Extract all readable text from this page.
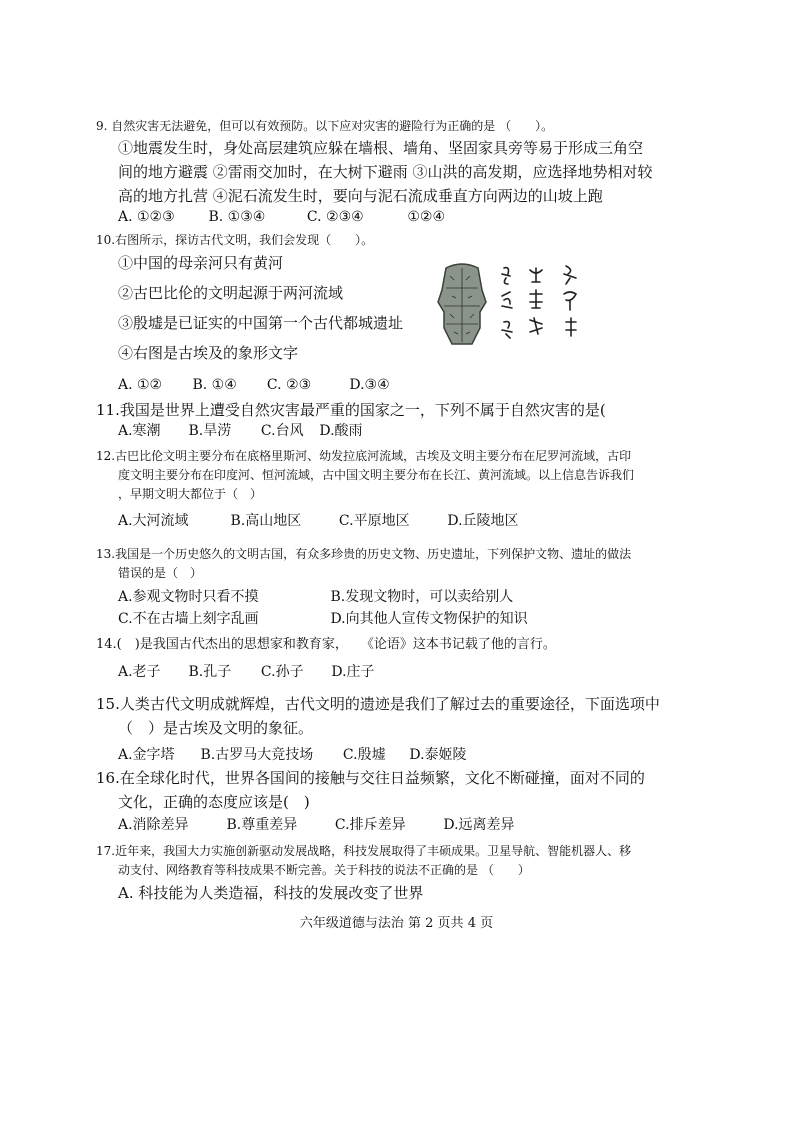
9. 自然灾害无法避免，但可以有效预防。以下应对灾害的避险行为正确的是 （　　）。
①地震发生时，身处高层建筑应躲在墙根、墙角、坚固家具旁等易于形成三角空
间的地方避震 ②雷雨交加时，在大树下避雨 ③山洪的高发期，应选择地势相对较
高的地方扎营 ④泥石流发生时，要向与泥石流成垂直方向两边的山坡上跑
A. ①②③ B. ①③④	C. ②③④	①②④
10.右图所示，探访古代文明，我们会发现（　　）。
①中国的母亲河只有黄河
②古巴比伦的文明起源于两河流域
③殷墟是已证实的中国第一个古代都城遗址
④右图是古埃及的象形文字
A. ①② B. ①④ C. ②③	D.③④
11.我国是世界上遭受自然灾害最严重的国家之一，下列不属于自然灾害的是(
A.寒潮 B.旱涝 C.台风 D.酸雨
12.古巴比伦文明主要分布在底格里斯河、幼发拉底河流域，古埃及文明主要分布在尼罗河流域，古印
度文明主要分布在印度河、恒河流域，古中国文明主要分布在长江、黄河流域。以上信息告诉我们
，早期文明大都位于（　）
A.大河流域	B.高山地区	C.平原地区	D.丘陵地区
13.我国是一个历史悠久的文明古国，有众多珍贵的历史文物、历史遗址，下列保护文物、遗址的做法
错误的是（　）
A.参观文物时只看不摸	B.发现文物时，可以卖给别人
C.不在古墙上刻字乱画	D.向其他人宣传文物保护的知识
14.(　)是我国古代杰出的思想家和教育家，　　《论语》这本书记载了他的言行。
A.老子 B.孔子 C.孙子 D.庄子
15.人类古代文明成就辉煌，古代文明的遗迹是我们了解过去的重要途径，下面选项中
（　）是古埃及文明的象征。
A.金字塔 B.古罗马大竞技场 C.殷墟 D.泰姬陵
16.在全球化时代，世界各国间的接触与交往日益频繁，文化不断碰撞，面对不同的
文化，正确的态度应该是(　)
A.消除差异	B.尊重差异	C.排斥差异	D.远离差异
17.近年来，我国大力实施创新驱动发展战略，科技发展取得了丰硕成果。卫星导航、智能机器人、移
动支付、网络教育等科技成果不断完善。关于科技的说法不正确的是 （　　）
A. 科技能为人类造福，科技的发展改变了世界
六年级道德与法治 第 2 页共 4 页
